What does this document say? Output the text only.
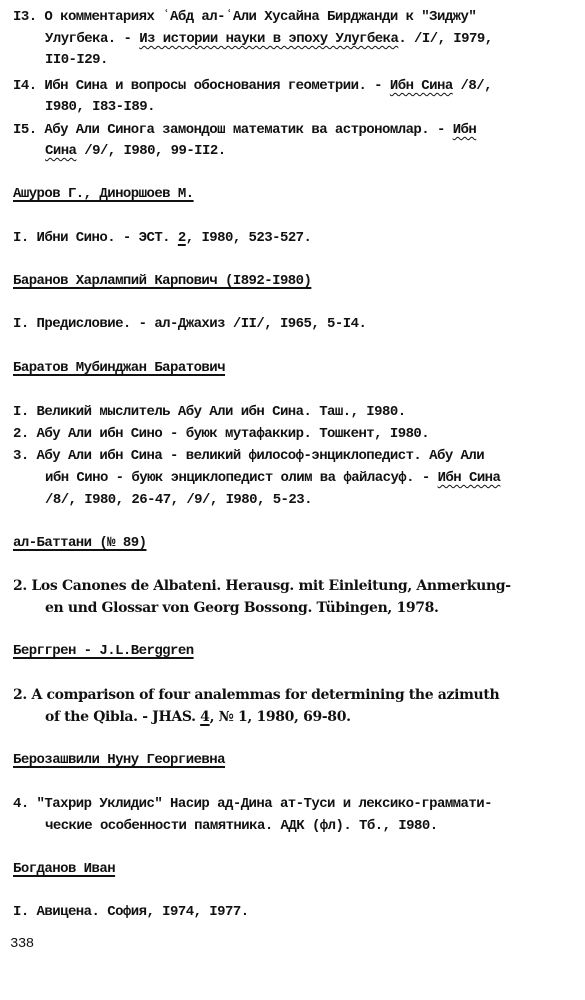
I3. О комментариях ʿАбд ал-ʿАли Хусайна Бирджанди к "Зиджу"
Улугбека. - Из истории науки в эпоху Улугбека. /I/, I979,
II0-I29.
I4. Ибн Сина и вопросы обоснования геометрии. - Ибн Сина /8/,
I980, I83-I89.
I5. Абу Али Синога замондош математик ва астрономлар. - Ибн
Сина /9/, I980, 99-II2.
Ашуров Г., Диноршоев М.
I. Ибни Сино. - ЭСТ. 2, I980, 523-527.
Баранов Харлампий Карпович (I892-I980)
I. Предисловие. - ал-Джахиз /II/, I965, 5-I4.
Баратов Мубинджан Баратович
I. Великий мыслитель Абу Али ибн Сина. Таш., I980.
2. Абу Али ибн Сино - буюк мутафаккир. Тошкент, I980.
3. Абу Али ибн Сина - великий философ-энциклопедист. Абу Али
ибн Сино - буюк энциклопедист олим ва файласуф. - Ибн Сина
/8/, I980, 26-47, /9/, I980, 5-23.
ал-Баттани (№ 89)
2. Los Canones de Albateni. Herausg. mit Einleitung, Anmerkung-
en und Glossar von Georg Bossong. Tübingen, 1978.
Берггрен - J.L.Berggren
2. A comparison of four analemmas for determining the azimuth
of the Qibla. - JHAS. 4, № 1, 1980, 69-80.
Берозашвили Нуну Георгиевна
4. "Тахрир Уклидис" Насир ад-Дина ат-Туси и лексико-граммати-
ческие особенности памятника. АДК (фл). Тб., I980.
Богданов Иван
I. Авицена. София, I974, I977.
338
